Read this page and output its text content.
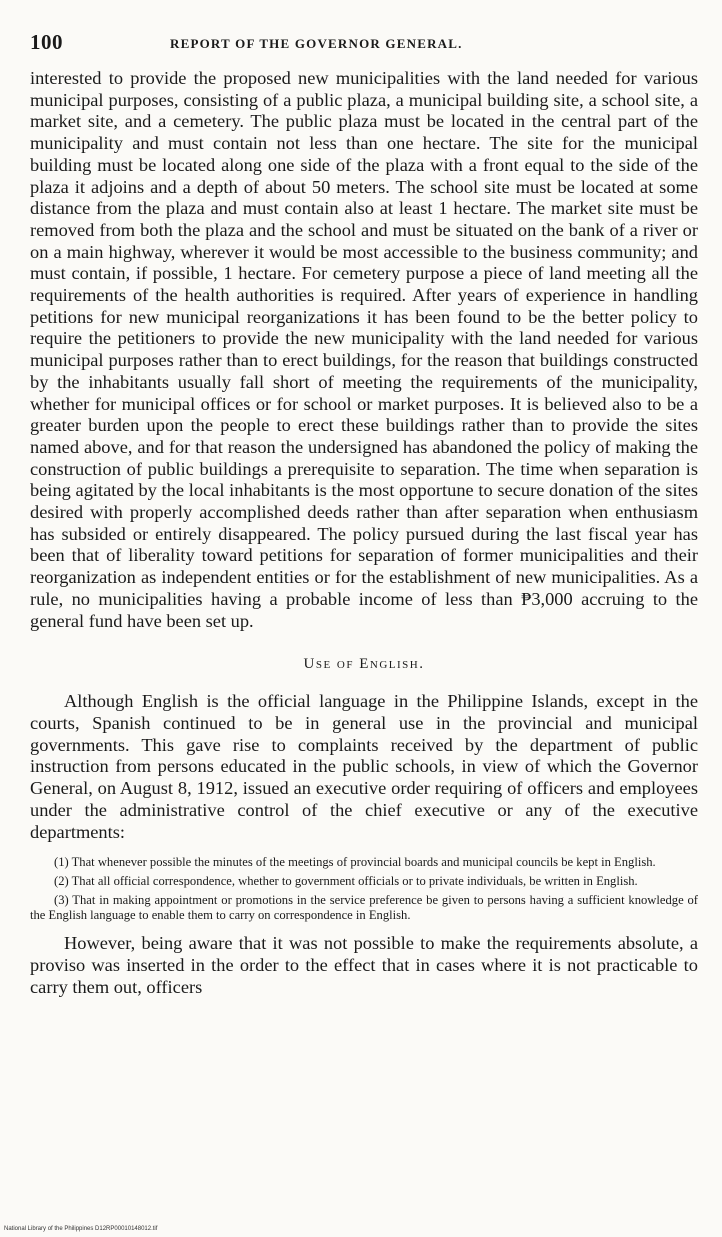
100	REPORT OF THE GOVERNOR GENERAL.

interested to provide the proposed new municipalities with the land needed for various municipal purposes, consisting of a public plaza, a municipal building site, a school site, a market site, and a cemetery. The public plaza must be located in the central part of the municipality and must contain not less than one hectare. The site for the municipal building must be located along one side of the plaza with a front equal to the side of the plaza it adjoins and a depth of about 50 meters. The school site must be located at some distance from the plaza and must contain also at least 1 hectare. The market site must be removed from both the plaza and the school and must be situated on the bank of a river or on a main highway, wherever it would be most accessible to the business community; and must contain, if possible, 1 hectare. For cemetery purpose a piece of land meeting all the requirements of the health authorities is required. After years of experience in handling petitions for new municipal reorganizations it has been found to be the better policy to require the petitioners to provide the new municipality with the land needed for various municipal purposes rather than to erect buildings, for the reason that buildings constructed by the inhabitants usually fall short of meeting the requirements of the municipality, whether for municipal offices or for school or market purposes. It is believed also to be a greater burden upon the people to erect these buildings rather than to provide the sites named above, and for that reason the undersigned has abandoned the policy of making the construction of public buildings a prerequisite to separation. The time when separation is being agitated by the local inhabitants is the most opportune to secure donation of the sites desired with properly accomplished deeds rather than after separation when enthusiasm has subsided or entirely disappeared. The policy pursued during the last fiscal year has been that of liberality toward petitions for separation of former municipalities and their reorganization as independent entities or for the establishment of new municipalities. As a rule, no municipalities having a probable income of less than ₱3,000 accruing to the general fund have been set up.

Use of English.

Although English is the official language in the Philippine Islands, except in the courts, Spanish continued to be in general use in the provincial and municipal governments. This gave rise to complaints received by the department of public instruction from persons educated in the public schools, in view of which the Governor General, on August 8, 1912, issued an executive order requiring of officers and employees under the administrative control of the chief executive or any of the executive departments:

(1) That whenever possible the minutes of the meetings of provincial boards and municipal councils be kept in English.
(2) That all official correspondence, whether to government officials or to private individuals, be written in English.
(3) That in making appointment or promotions in the service preference be given to persons having a sufficient knowledge of the English language to enable them to carry on correspondence in English.

However, being aware that it was not possible to make the requirements absolute, a proviso was inserted in the order to the effect that in cases where it is not practicable to carry them out, officers

National Library of the Philippines D12RP00010148012.tif
